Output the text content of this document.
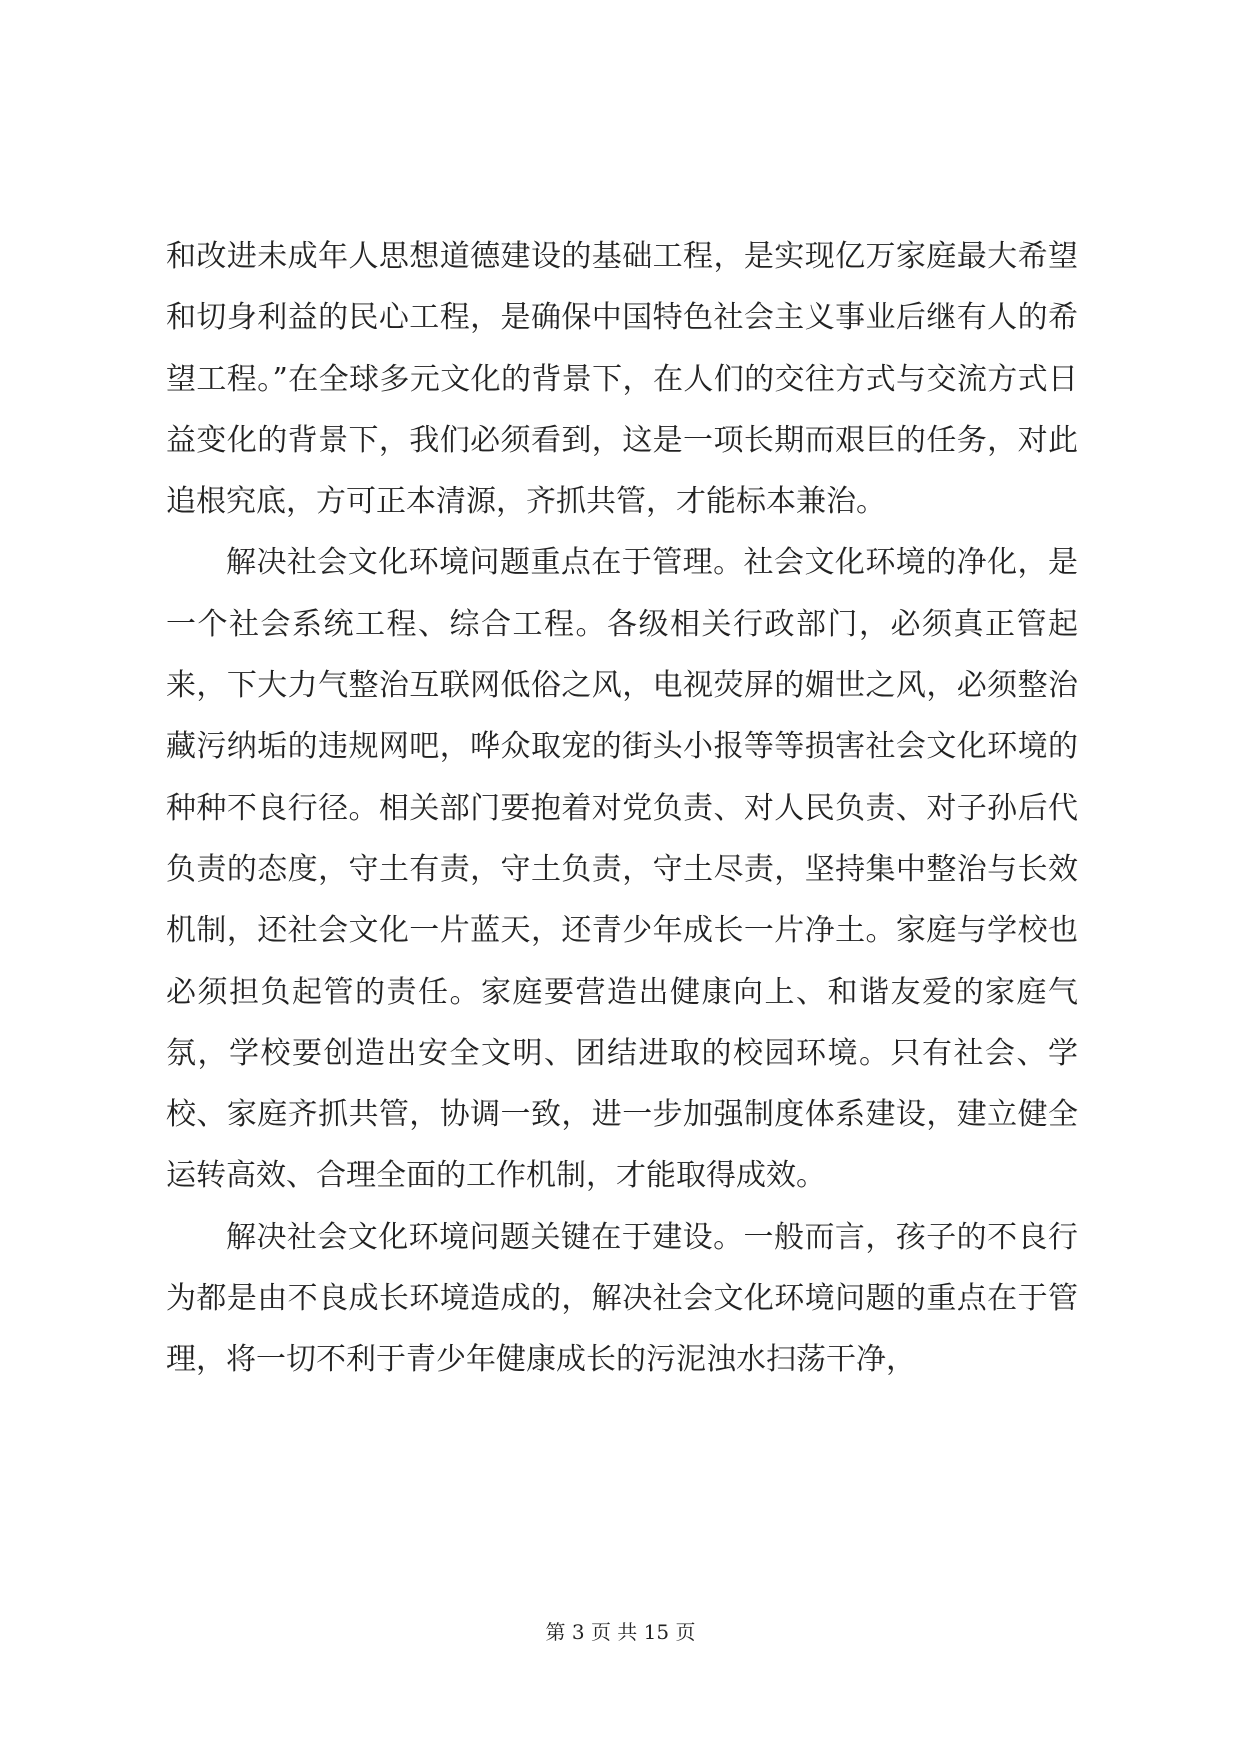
和改进未成年人思想道德建设的基础工程，是实现亿万家庭最大希望和切身利益的民心工程，是确保中国特色社会主义事业后继有人的希望工程。”在全球多元文化的背景下，在人们的交往方式与交流方式日益变化的背景下，我们必须看到，这是一项长期而艰巨的任务，对此追根究底，方可正本清源，齐抓共管，才能标本兼治。

解决社会文化环境问题重点在于管理。社会文化环境的净化，是一个社会系统工程、综合工程。各级相关行政部门，必须真正管起来，下大力气整治互联网低俗之风，电视荧屏的媚世之风，必须整治藏污纳垢的违规网吧，哗众取宠的街头小报等等损害社会文化环境的种种不良行径。相关部门要抱着对党负责、对人民负责、对子孙后代负责的态度，守土有责，守土负责，守土尽责，坚持集中整治与长效机制，还社会文化一片蓝天，还青少年成长一片净土。家庭与学校也必须担负起管的责任。家庭要营造出健康向上、和谐友爱的家庭气氛，学校要创造出安全文明、团结进取的校园环境。只有社会、学校、家庭齐抓共管，协调一致，进一步加强制度体系建设，建立健全运转高效、合理全面的工作机制，才能取得成效。

解决社会文化环境问题关键在于建设。一般而言，孩子的不良行为都是由不良成长环境造成的，解决社会文化环境问题的重点在于管理，将一切不利于青少年健康成长的污泥浊水扫荡干净，

第 3 页 共 15 页
